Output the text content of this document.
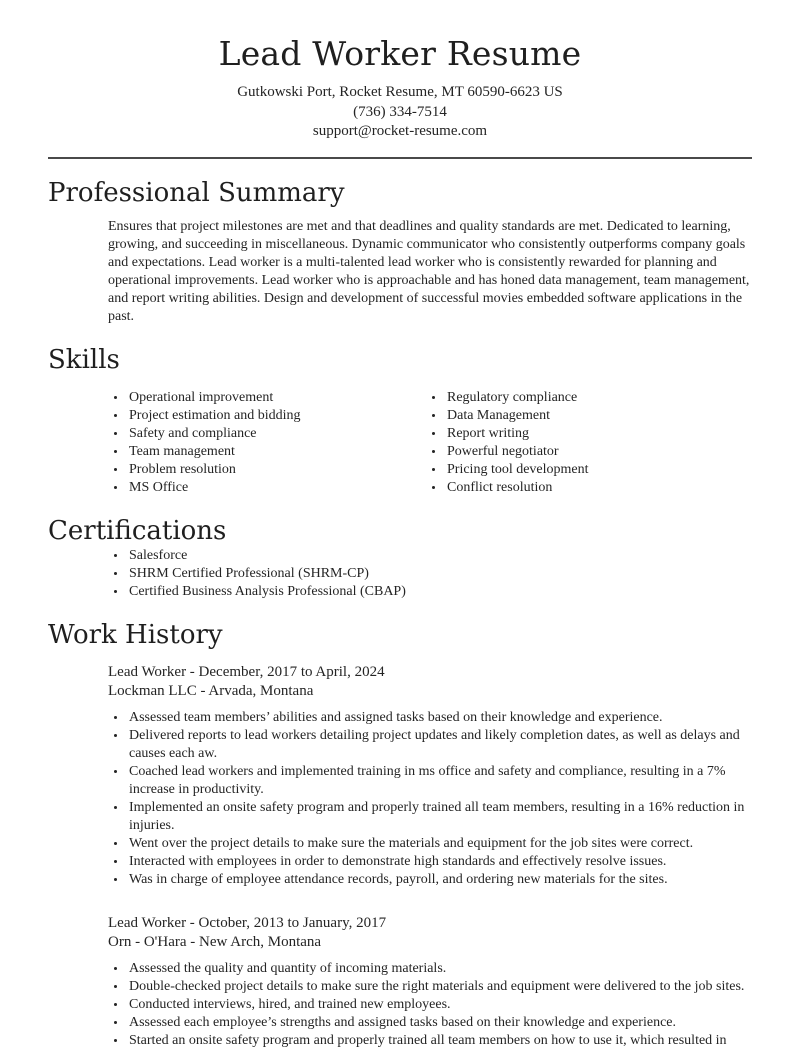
Lead Worker Resume
Gutkowski Port, Rocket Resume, MT 60590-6623 US
(736) 334-7514
support@rocket-resume.com
Professional Summary

Ensures that project milestones are met and that deadlines and quality standards are met. Dedicated to learning, growing, and succeeding in miscellaneous. Dynamic communicator who consistently outperforms company goals and expectations. Lead worker is a multi-talented lead worker who is consistently rewarded for planning and operational improvements. Lead worker who is approachable and has honed data management, team management, and report writing abilities. Design and development of successful movies embedded software applications in the past.

Skills
• Operational improvement
• Project estimation and bidding
• Safety and compliance
• Team management
• Problem resolution
• MS Office
• Regulatory compliance
• Data Management
• Report writing
• Powerful negotiator
• Pricing tool development
• Conflict resolution
Certifications
• Salesforce
• SHRM Certified Professional (SHRM-CP)
• Certified Business Analysis Professional (CBAP)
Work History
Lead Worker - December, 2017 to April, 2024
Lockman LLC - Arvada, Montana
• Assessed team members’ abilities and assigned tasks based on their knowledge and experience.
• Delivered reports to lead workers detailing project updates and likely completion dates, as well as delays and causes each aw.
• Coached lead workers and implemented training in ms office and safety and compliance, resulting in a 7% increase in productivity.
• Implemented an onsite safety program and properly trained all team members, resulting in a 16% reduction in injuries.
• Went over the project details to make sure the materials and equipment for the job sites were correct.
• Interacted with employees in order to demonstrate high standards and effectively resolve issues.
• Was in charge of employee attendance records, payroll, and ordering new materials for the sites.
Lead Worker - October, 2013 to January, 2017
Orn - O'Hara - New Arch, Montana
• Assessed the quality and quantity of incoming materials.
• Double-checked project details to make sure the right materials and equipment were delivered to the job sites.
• Conducted interviews, hired, and trained new employees.
• Assessed each employee’s strengths and assigned tasks based on their knowledge and experience.
• Started an onsite safety program and properly trained all team members on how to use it, which resulted in
